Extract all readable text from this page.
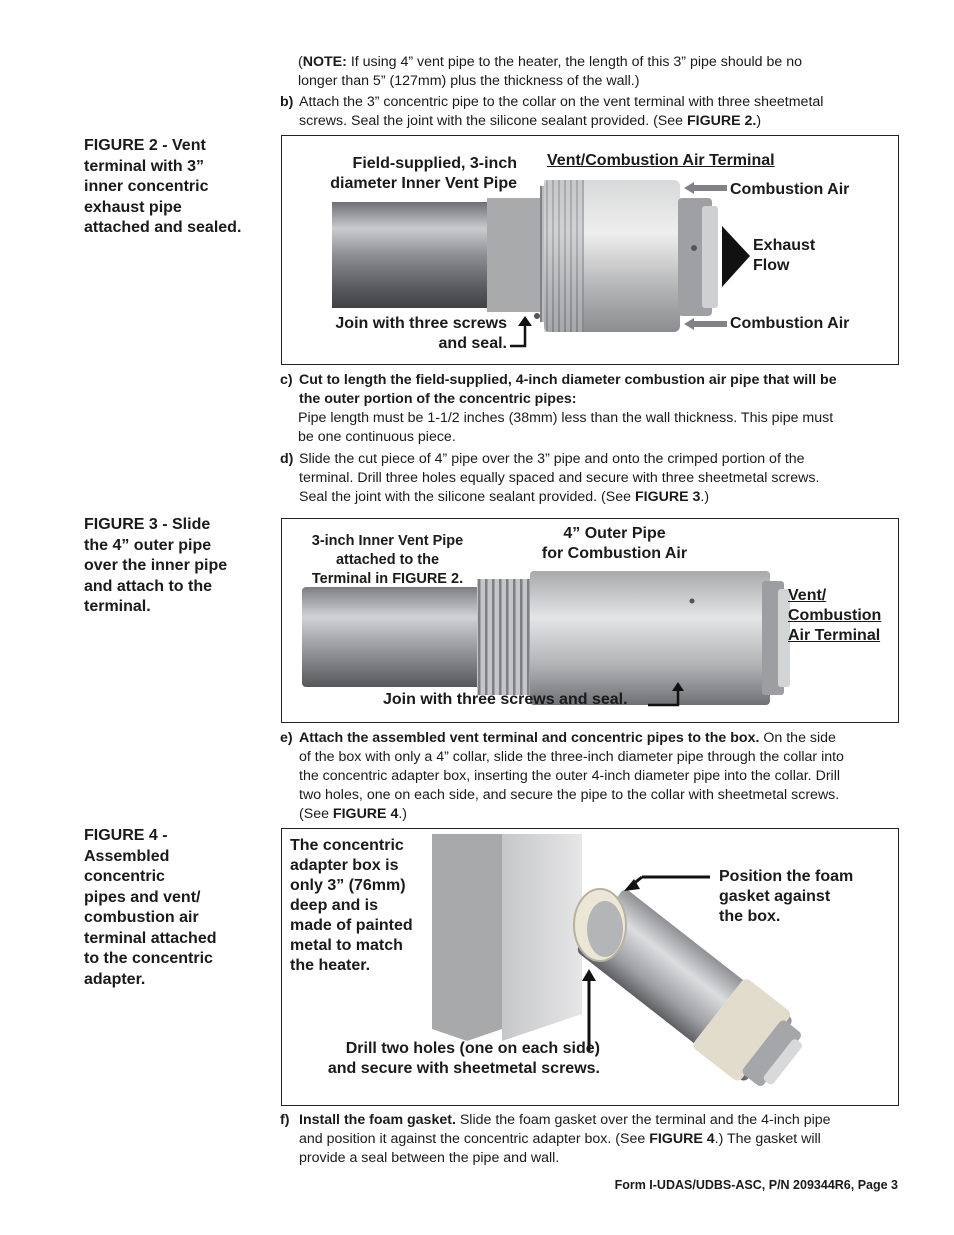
(NOTE: If using 4” vent pipe to the heater, the length of this 3” pipe should be no
longer than 5” (127mm) plus the thickness of the wall.)
b) Attach the 3” concentric pipe to the collar on the vent terminal with three sheetmetal
screws. Seal the joint with the silicone sealant provided. (See FIGURE 2.)
FIGURE 2 - Vent
terminal with 3”
inner concentric
exhaust pipe
attached and sealed.
Field-supplied, 3-inch
diameter Inner Vent Pipe
Vent/Combustion Air Terminal
Combustion Air
Exhaust
Flow
Combustion Air
Join with three screws
and seal.
c) Cut to length the field-supplied, 4-inch diameter combustion air pipe that will be
the outer portion of the concentric pipes:
Pipe length must be 1-1/2 inches (38mm) less than the wall thickness. This pipe must
be one continuous piece.
d) Slide the cut piece of 4” pipe over the 3” pipe and onto the crimped portion of the
terminal. Drill three holes equally spaced and secure with three sheetmetal screws.
Seal the joint with the silicone sealant provided. (See FIGURE 3.)
FIGURE 3 - Slide
the 4” outer pipe
over the inner pipe
and attach to the
terminal.
3-inch Inner Vent Pipe
attached to the
Terminal in FIGURE 2.
4” Outer Pipe
for Combustion Air
Vent/
Combustion
Air Terminal
Join with three screws and seal.
e) Attach the assembled vent terminal and concentric pipes to the box. On the side
of the box with only a 4” collar, slide the three-inch diameter pipe through the collar into
the concentric adapter box, inserting the outer 4-inch diameter pipe into the collar. Drill
two holes, one on each side, and secure the pipe to the collar with sheetmetal screws.
(See FIGURE 4.)
FIGURE 4 -
Assembled
concentric
pipes and vent/
combustion air
terminal attached
to the concentric
adapter.
The concentric
adapter box is
only 3” (76mm)
deep and is
made of painted
metal to match
the heater.
Position the foam
gasket against
the box.
Drill two holes (one on each side)
and secure with sheetmetal screws.
f) Install the foam gasket. Slide the foam gasket over the terminal and the 4-inch pipe
and position it against the concentric adapter box. (See FIGURE 4.) The gasket will
provide a seal between the pipe and wall.
Form I-UDAS/UDBS-ASC, P/N 209344R6, Page 3
